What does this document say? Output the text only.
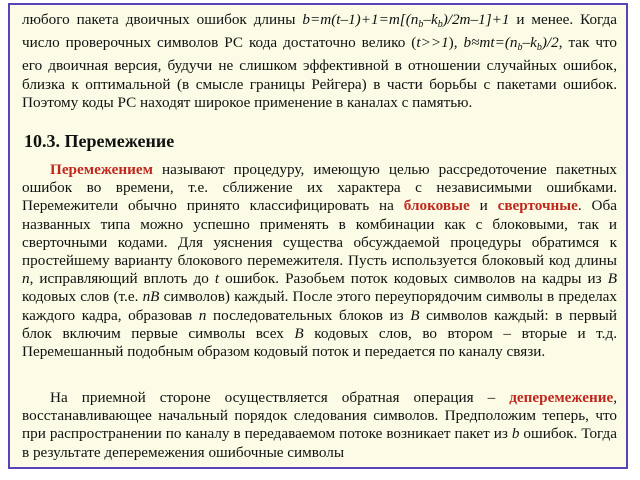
любого пакета двоичных ошибок длины $b=m(t-1)+1=m[(n_b-k_b)/2m-1]+1$ и менее. Когда число проверочных символов РС кода достаточно велико (t>>1), $b\approx mt=(n_b-k_b)/2$, так что его двоичная версия, будучи не слишком эффективной в отношении случайных ошибок, близка к оптимальной (в смысле границы Рейгера) в части борьбы с пакетами ошибок. Поэтому коды РС находят широкое применение в каналах с памятью.

10.3. Перемежение

Перемежением называют процедуру, имеющую целью рассредоточение пакетных ошибок во времени, т.е. сближение их характера с независимыми ошибками. Перемежители обычно принято классифицировать на блоковые и сверточные. Оба названных типа можно успешно применять в комбинации как с блоковыми, так и сверточными кодами. Для уяснения существа обсуждаемой процедуры обратимся к простейшему варианту блокового перемежителя. Пусть используется блоковый код длины n, исправляющий вплоть до t ошибок. Разобьем поток кодовых символов на кадры из B кодовых слов (т.е. nB символов) каждый. После этого переупорядочим символы в пределах каждого кадра, образовав n последовательных блоков из B символов каждый: в первый блок включим первые символы всех B кодовых слов, во втором – вторые и т.д. Перемешанный подобным образом кодовый поток и передается по каналу связи.

На приемной стороне осуществляется обратная операция – деперемежение, восстанавливающее начальный порядок следования символов. Предположим теперь, что при распространении по каналу в передаваемом потоке возникает пакет из b ошибок. Тогда в результате деперемежения ошибочные символы
